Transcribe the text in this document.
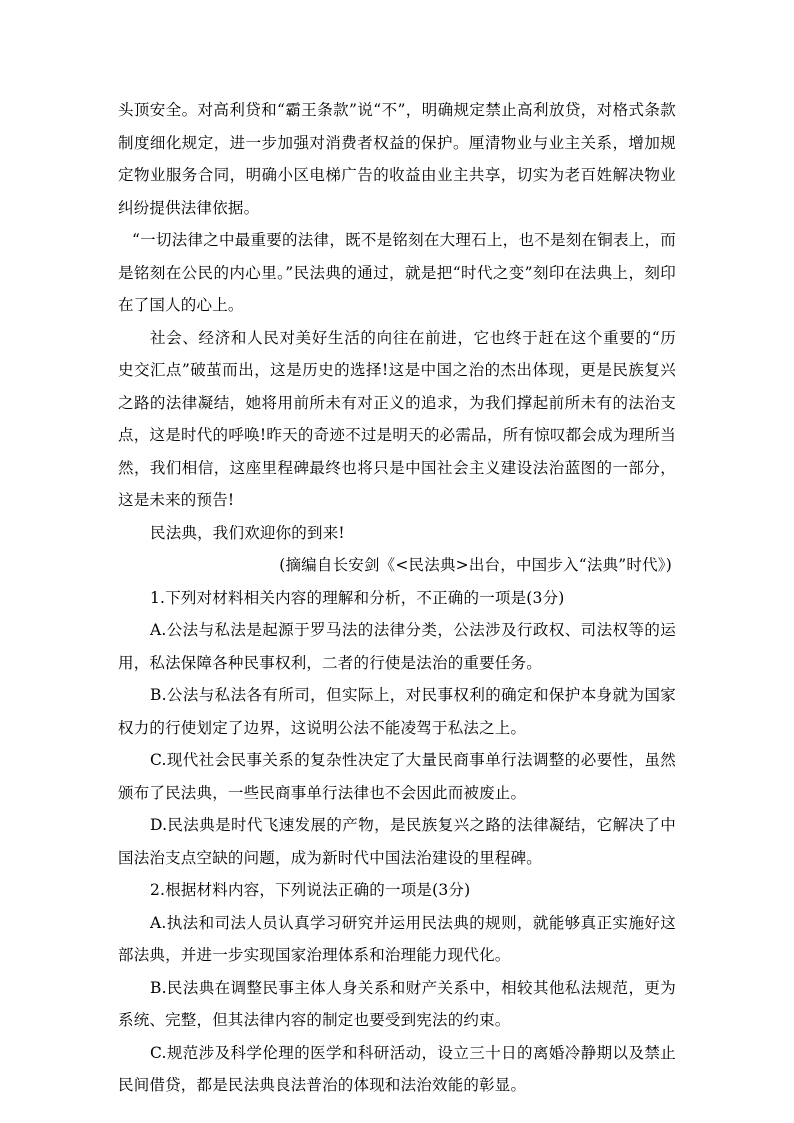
头顶安全。对高利贷和“霸王条款”说“不”，明确规定禁止高利放贷，对格式条款制度细化规定，进一步加强对消费者权益的保护。厘清物业与业主关系，增加规定物业服务合同，明确小区电梯广告的收益由业主共享，切实为老百姓解决物业纠纷提供法律依据。

“一切法律之中最重要的法律，既不是铭刻在大理石上，也不是刻在铜表上，而是铭刻在公民的内心里。”民法典的通过，就是把“时代之变”刻印在法典上，刻印在了国人的心上。

社会、经济和人民对美好生活的向往在前进，它也终于赶在这个重要的“历史交汇点”破茧而出，这是历史的选择!这是中国之治的杰出体现，更是民族复兴之路的法律凝结，她将用前所未有对正义的追求，为我们撑起前所未有的法治支点，这是时代的呼唤!昨天的奇迹不过是明天的必需品，所有惊叹都会成为理所当然，我们相信，这座里程碑最终也将只是中国社会主义建设法治蓝图的一部分，这是未来的预告!

民法典，我们欢迎你的到来!

(摘编自长安剑《<民法典>出台，中国步入“法典”时代》)

1.下列对材料相关内容的理解和分析，不正确的一项是(3分)

A.公法与私法是起源于罗马法的法律分类，公法涉及行政权、司法权等的运用，私法保障各种民事权利，二者的行使是法治的重要任务。

B.公法与私法各有所司，但实际上，对民事权利的确定和保护本身就为国家权力的行使划定了边界，这说明公法不能凌驾于私法之上。

C.现代社会民事关系的复杂性决定了大量民商事单行法调整的必要性，虽然颁布了民法典，一些民商事单行法律也不会因此而被废止。

D.民法典是时代飞速发展的产物，是民族复兴之路的法律凝结，它解决了中国法治支点空缺的问题，成为新时代中国法治建设的里程碑。

2.根据材料内容，下列说法正确的一项是(3分)

A.执法和司法人员认真学习研究并运用民法典的规则，就能够真正实施好这部法典，并进一步实现国家治理体系和治理能力现代化。

B.民法典在调整民事主体人身关系和财产关系中，相较其他私法规范，更为系统、完整，但其法律内容的制定也要受到宪法的约束。

C.规范涉及科学伦理的医学和科研活动，设立三十日的离婚冷静期以及禁止民间借贷，都是民法典良法普治的体现和法治效能的彰显。
